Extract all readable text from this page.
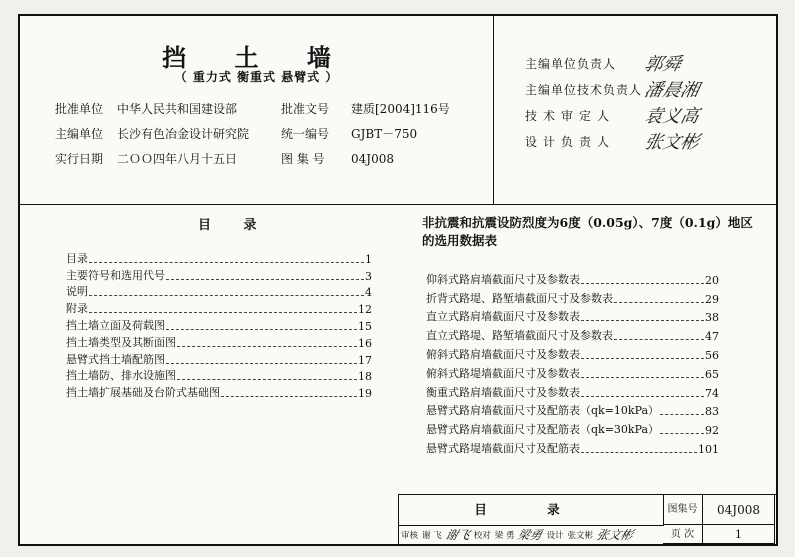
挡 土 墙
（ 重力式 衡重式 悬臂式 ）
批准单位	中华人民共和国建设部	批准文号	建质[2004]116号
主编单位	长沙有色冶金设计研究院	统一编号	GJBT－750
实行日期	二ＯＯ四年八月十五日	图 集 号	04J008
主编单位负责人	郭舜
主编单位技术负责人 潘晨湘
技术审定人	袁义高
设计负责人	张文彬
目 录
目录	1
主要符号和选用代号	3
说明	4
附录	12
挡土墙立面及荷载图	15
挡土墙类型及其断面图	16
悬臂式挡土墙配筋图	17
挡土墙防、排水设施图	18
挡土墙扩展基础及台阶式基础图	19
非抗震和抗震设防烈度为6度（0.05g）、7度（0.1g）地区的选用数据表
仰斜式路肩墙截面尺寸及参数表	20
折背式路堤、路堑墙截面尺寸及参数表	29
直立式路肩墙截面尺寸及参数表	38
直立式路堤、路堑墙截面尺寸及参数表	47
俯斜式路肩墙截面尺寸及参数表	56
俯斜式路堤墙截面尺寸及参数表	65
衡重式路肩墙截面尺寸及参数表	74
悬臂式路肩墙截面尺寸及配筋表（qk=10kPa）	83
悬臂式路肩墙截面尺寸及配筋表（qk=30kPa）	92
悬臂式路堤墙截面尺寸及配筋表	101
目 录	图集号	04J008
页 次	1
审核 谢 飞 谢飞 校对 梁 勇 梁勇 设计 张文彬 张文彬
